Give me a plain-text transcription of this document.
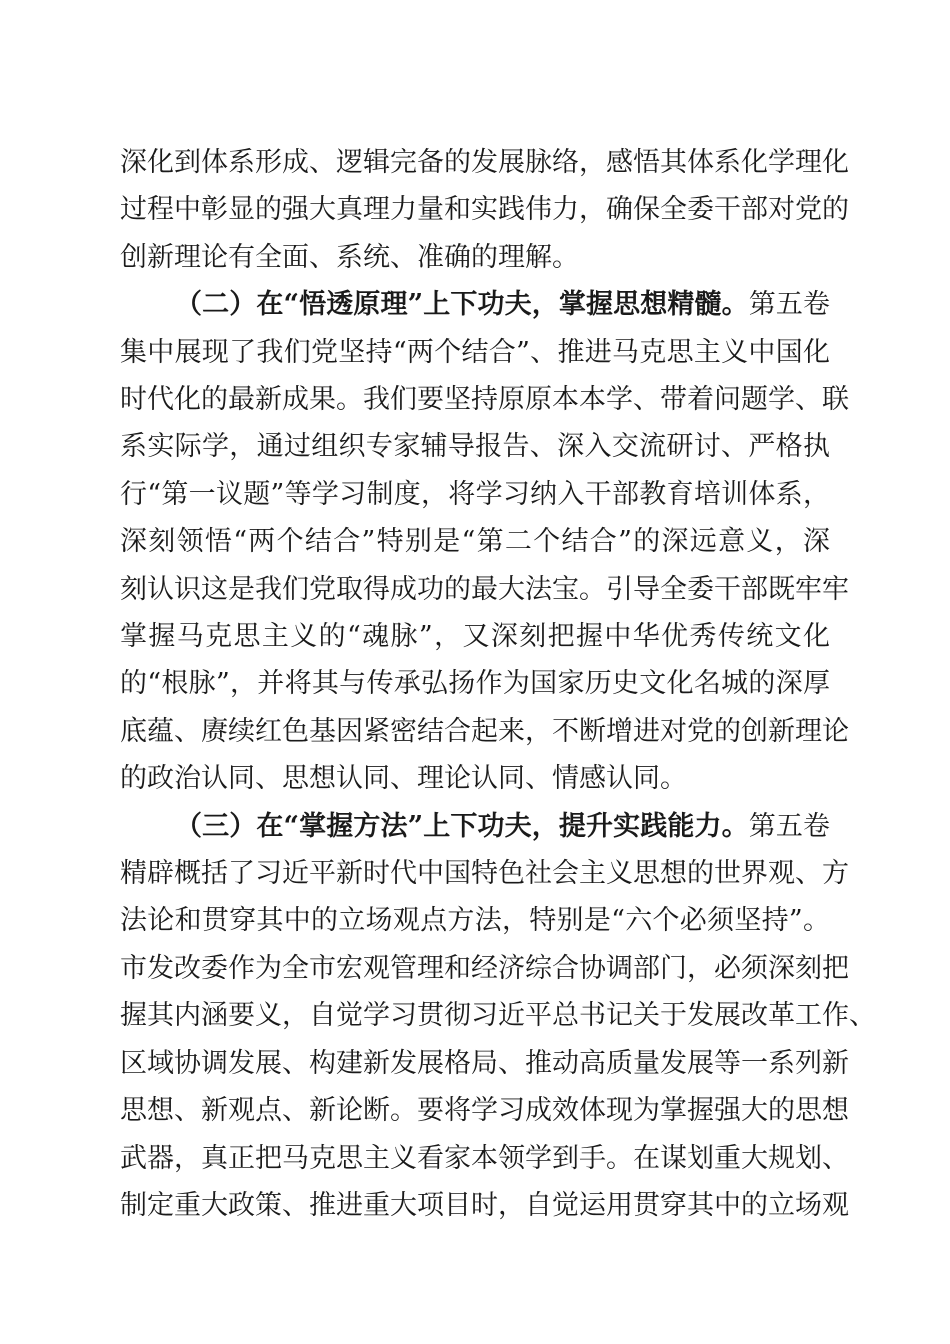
深化到体系形成、逻辑完备的发展脉络，感悟其体系化学理化
过程中彰显的强大真理力量和实践伟力，确保全委干部对党的
创新理论有全面、系统、准确的理解。
（二）在“悟透原理”上下功夫，掌握思想精髓。第五卷
集中展现了我们党坚持“两个结合”、推进马克思主义中国化
时代化的最新成果。我们要坚持原原本本学、带着问题学、联
系实际学，通过组织专家辅导报告、深入交流研讨、严格执
行“第一议题”等学习制度，将学习纳入干部教育培训体系，
深刻领悟“两个结合”特别是“第二个结合”的深远意义，深
刻认识这是我们党取得成功的最大法宝。引导全委干部既牢牢
掌握马克思主义的“魂脉”，又深刻把握中华优秀传统文化
的“根脉”，并将其与传承弘扬作为国家历史文化名城的深厚
底蕴、赓续红色基因紧密结合起来，不断增进对党的创新理论
的政治认同、思想认同、理论认同、情感认同。
（三）在“掌握方法”上下功夫，提升实践能力。第五卷
精辟概括了习近平新时代中国特色社会主义思想的世界观、方
法论和贯穿其中的立场观点方法，特别是“六个必须坚持”。
市发改委作为全市宏观管理和经济综合协调部门，必须深刻把
握其内涵要义，自觉学习贯彻习近平总书记关于发展改革工作、
区域协调发展、构建新发展格局、推动高质量发展等一系列新
思想、新观点、新论断。要将学习成效体现为掌握强大的思想
武器，真正把马克思主义看家本领学到手。在谋划重大规划、
制定重大政策、推进重大项目时，自觉运用贯穿其中的立场观
